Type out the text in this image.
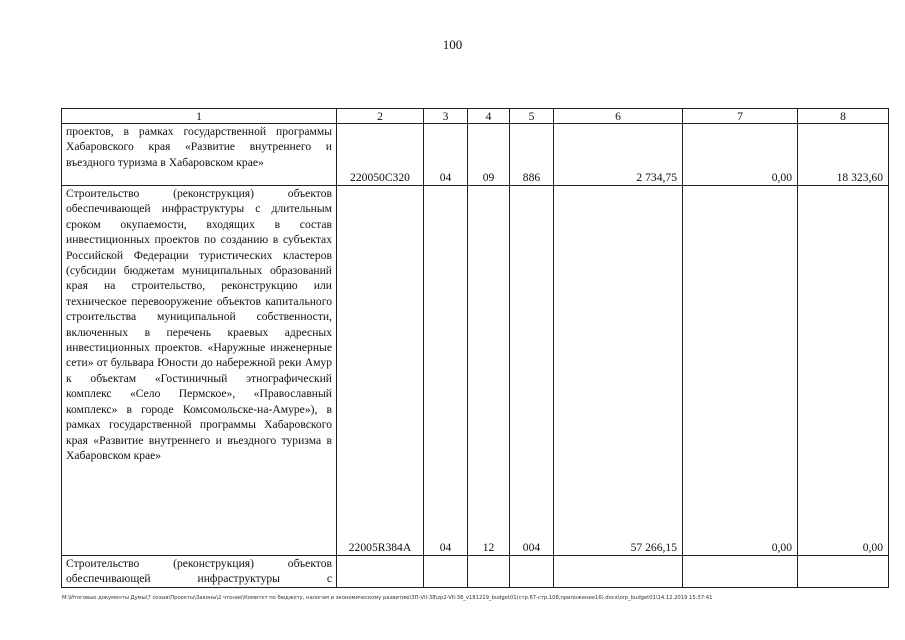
100
1	2	3	4	5	6	7	8
проектов, в рамках государственной программы Хабаровского края «Развитие внутреннего и въездного туризма в Хабаровском крае»	220050С320	04	09	886	2 734,75	0,00	18 323,60
Строительство (реконструкция) объектов обеспечивающей инфраструктуры с длительным сроком окупаемости, входящих в состав инвестиционных проектов по созданию в субъектах Российской Федерации туристических кластеров (субсидии бюджетам муниципальных образований края на строительство, реконструкцию или техническое перевооружение объектов капитального строительства муниципальной собственности, включенных в перечень краевых адресных инвестиционных проектов. «Наружные инженерные сети» от бульвара Юности до набережной реки Амур к объектам «Гостиничный этнографический комплекс «Село Пермское», «Православный комплекс» в городе Комсомольске-на-Амуре»), в рамках государственной программы Хабаровского края «Развитие внутреннего и въездного туризма в Хабаровском крае»	22005R384A	04	12	004	57 266,15	0,00	0,00
Строительство (реконструкция) объектов обеспечивающей инфраструктуры с							
M:\Итоговые документы Думы\7 созыв\Проекты\Законы\2 чтение\Комитет по бюджету, налогам и экономическому развитию\ЗП-VII-38\zp2-VII-38_v181219_budget01(стр.67-стр.108,приложение16).docx\orp_budget01\14.12.2019 15:37:41
